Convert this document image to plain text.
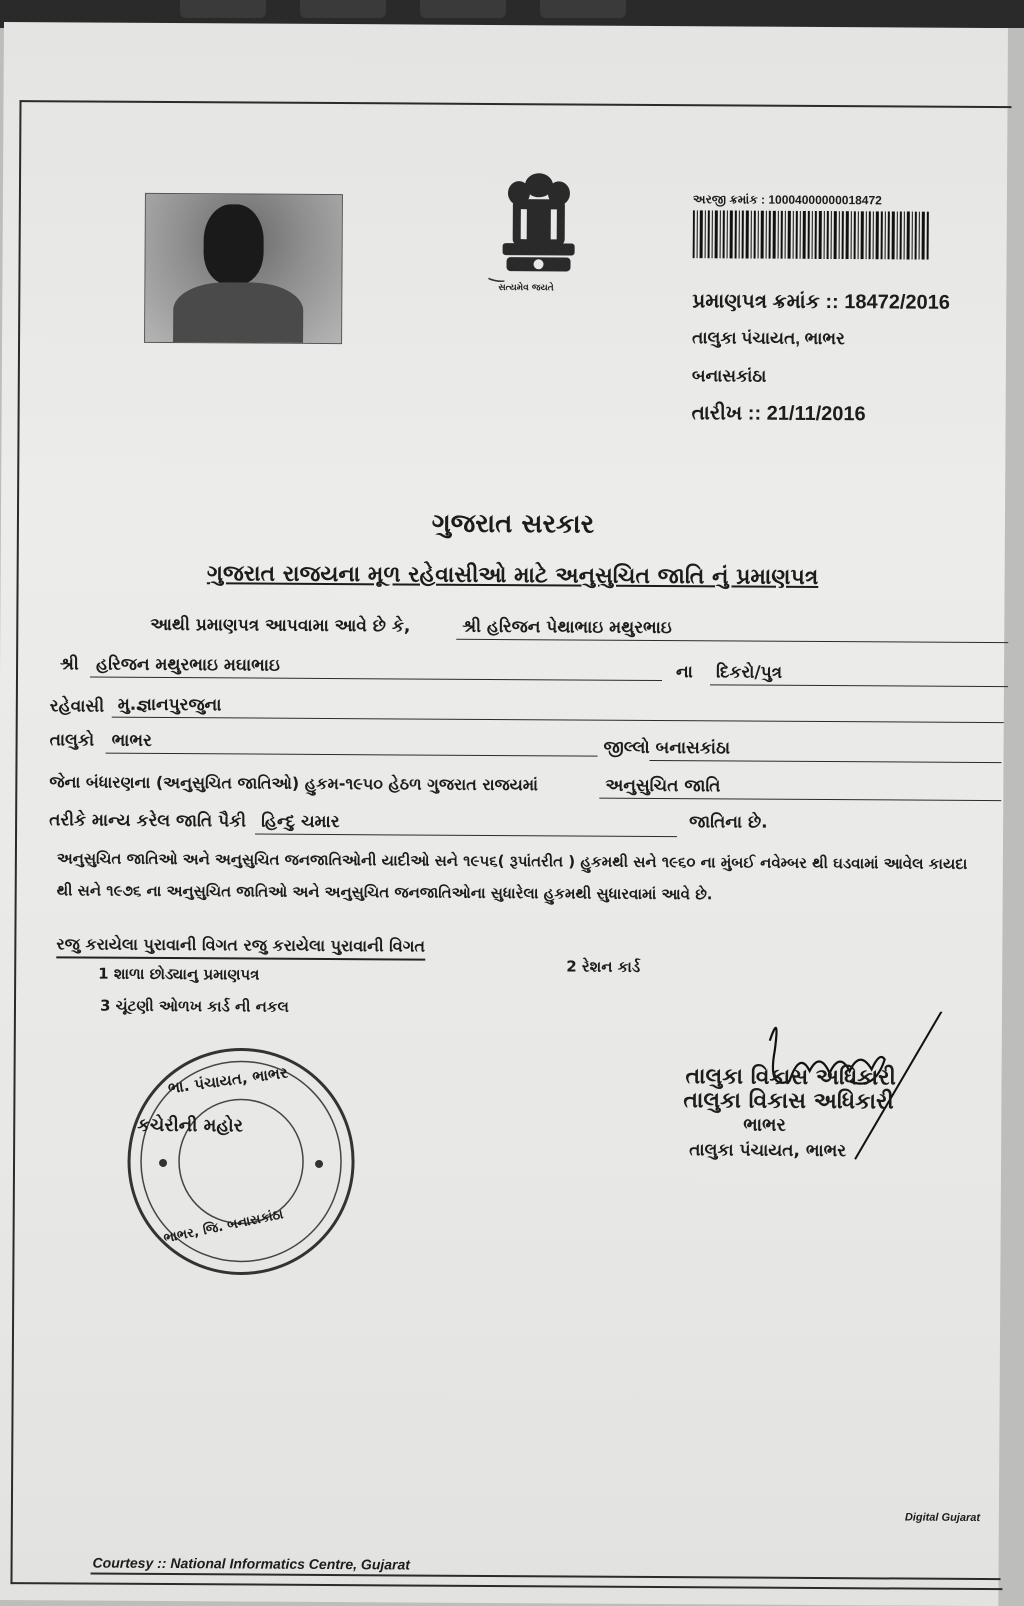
સત્યમેવ જયતે
અરજી ક્રમાંક : 10004000000018472
પ્રમાણપત્ર ક્રમાંક :: 18472/2016
તાલુકા પંચાયત, ભાભર
બનાસકાંઠા
તારીખ :: 21/11/2016
ગુજરાત સરકાર
ગુજરાત રાજયના મૂળ રહેવાસીઓ માટે અનુસુચિત જાતિ નું પ્રમાણપત્ર
આથી પ્રમાણપત્ર આપવામા આવે છે કે,	શ્રી હરિજન પેથાભાઇ મથુરભાઇ
શ્રી	હરિજન મથુરભાઇ મઘાભાઇ	ના	દિકરો/પુત્ર
રહેવાસી મુ.જ્ઞાનપુરજુના
તાલુકો	ભાભર	જીલ્લો બનાસકાંઠા
જેના બંધારણના (અનુસુચિત જાતિઓ) હુકમ-૧૯૫૦ હેઠળ ગુજરાત રાજયમાં	અનુસુચિત જાતિ
તરીકે માન્ય કરેલ જાતિ પૈકી હિન્દુ ચમાર	જાતિના છે.
અનુસુચિત જાતિઓ અને અનુસુચિત જનજાતિઓની યાદીઓ સને ૧૯૫૬( રૂપાંતરીત ) હુકમથી સને ૧૯૬૦ ના મુંબઈ નવેમ્બર થી ઘડવામાં આવેલ કાયદા થી સને ૧૯૭૬ ના અનુસુચિત જાતિઓ અને અનુસુચિત જનજાતિઓના સુધારેલા હુકમથી સુધારવામાં આવે છે.
રજુ કરાયેલા પુરાવાની વિગત રજુ કરાયેલા પુરાવાની વિગત
1 શાળા છોડ્યાનુ પ્રમાણપત્ર	2 રેશન કાર્ડ
3 ચૂંટણી ઓળખ કાર્ડ ની નકલ
ભા. પંચાયત, ભાભર
કચેરીની મહોર
ભાભર, જિ. બનાસકાંઠા
તાલુકા વિકાસ અધિકારી
તાલુકા વિકાસ અધિકારી
ભાભર
તાલુકા પંચાયત, ભાભર
Digital Gujarat
Courtesy :: National Informatics Centre, Gujarat
